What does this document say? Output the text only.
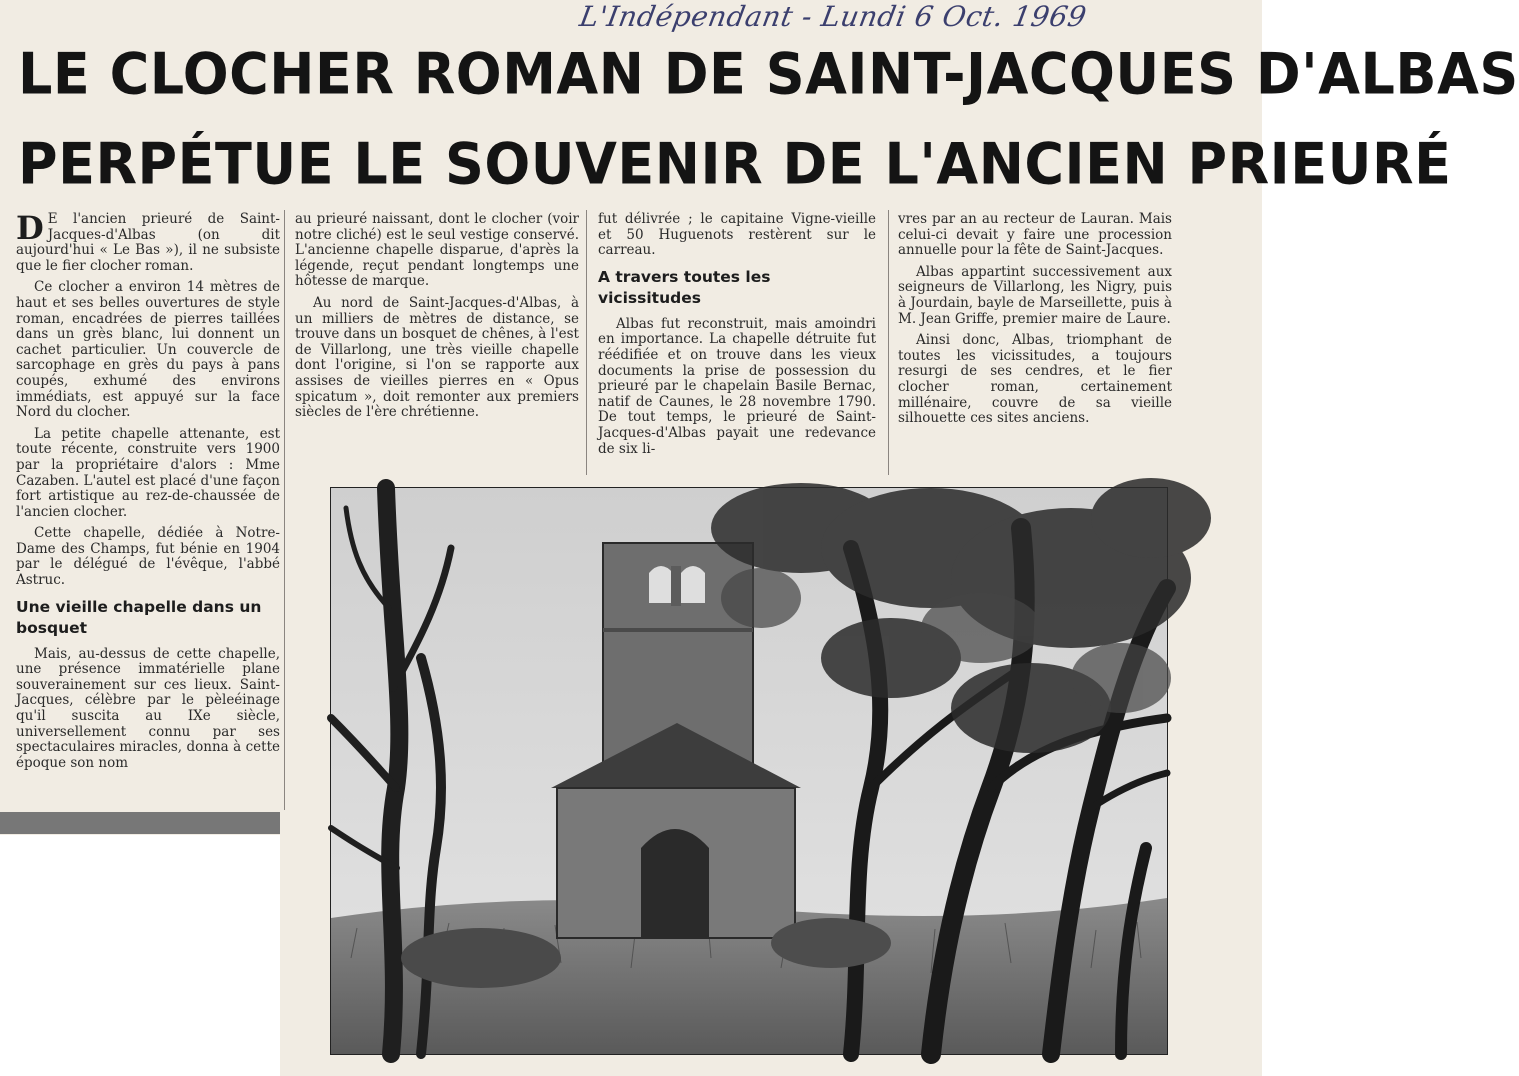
L'Indépendant - Lundi 6 Oct. 1969
LE CLOCHER ROMAN DE SAINT-JACQUES D'ALBAS
PERPÉTUE LE SOUVENIR DE L'ANCIEN PRIEURÉ

D E l'ancien prieuré de Saint-Jacques-d'Albas (on dit aujourd'hui « Le Bas »), il ne subsiste que le fier clocher roman.

Ce clocher a environ 14 mètres de haut et ses belles ouvertures de style roman, encadrées de pierres taillées dans un grès blanc, lui donnent un cachet particulier. Un couvercle de sarcophage en grès du pays à pans coupés, exhumé des environs immédiats, est appuyé sur la face Nord du clocher.

La petite chapelle attenante, est toute récente, construite vers 1900 par la propriétaire d'alors : Mme Cazaben. L'autel est placé d'une façon fort artistique au rez-de-chaussée de l'ancien clocher.

Cette chapelle, dédiée à Notre-Dame des Champs, fut bénie en 1904 par le délégué de l'évêque, l'abbé Astruc.

Une vieille chapelle dans un bosquet

Mais, au-dessus de cette chapelle, une présence immatérielle plane souverainement sur ces lieux. Saint-Jacques, célèbre par le pèleéinage qu'il suscita au IXe siècle, universellement connu par ses spectaculaires miracles, donna à cette époque son nom

au prieuré naissant, dont le clocher (voir notre cliché) est le seul vestige conservé. L'ancienne chapelle disparue, d'après la légende, reçut pendant longtemps une hôtesse de marque.

Au nord de Saint-Jacques-d'Albas, à un milliers de mètres de distance, se trouve dans un bosquet de chênes, à l'est de Villarlong, une très vieille chapelle dont l'origine, si l'on se rapporte aux assises de vieilles pierres en « Opus spicatum », doit remonter aux premiers siècles de l'ère chrétienne.

fut délivrée ; le capitaine Vigne-vieille et 50 Huguenots restèrent sur le carreau.

A travers toutes les vicissitudes

Albas fut reconstruit, mais amoindri en importance. La chapelle détruite fut réédifiée et on trouve dans les vieux documents la prise de possession du prieuré par le chapelain Basile Bernac, natif de Caunes, le 28 novembre 1790. De tout temps, le prieuré de Saint-Jacques-d'Albas payait une redevance de six li-

vres par an au recteur de Lauran. Mais celui-ci devait y faire une procession annuelle pour la fête de Saint-Jacques.

Albas appartint successivement aux seigneurs de Villarlong, les Nigry, puis à Jourdain, bayle de Marseillette, puis à M. Jean Griffe, premier maire de Laure.

Ainsi donc, Albas, triomphant de toutes les vicissitudes, a toujours resurgi de ses cendres, et le fier clocher roman, certainement millénaire, couvre de sa vieille silhouette ces sites anciens.
